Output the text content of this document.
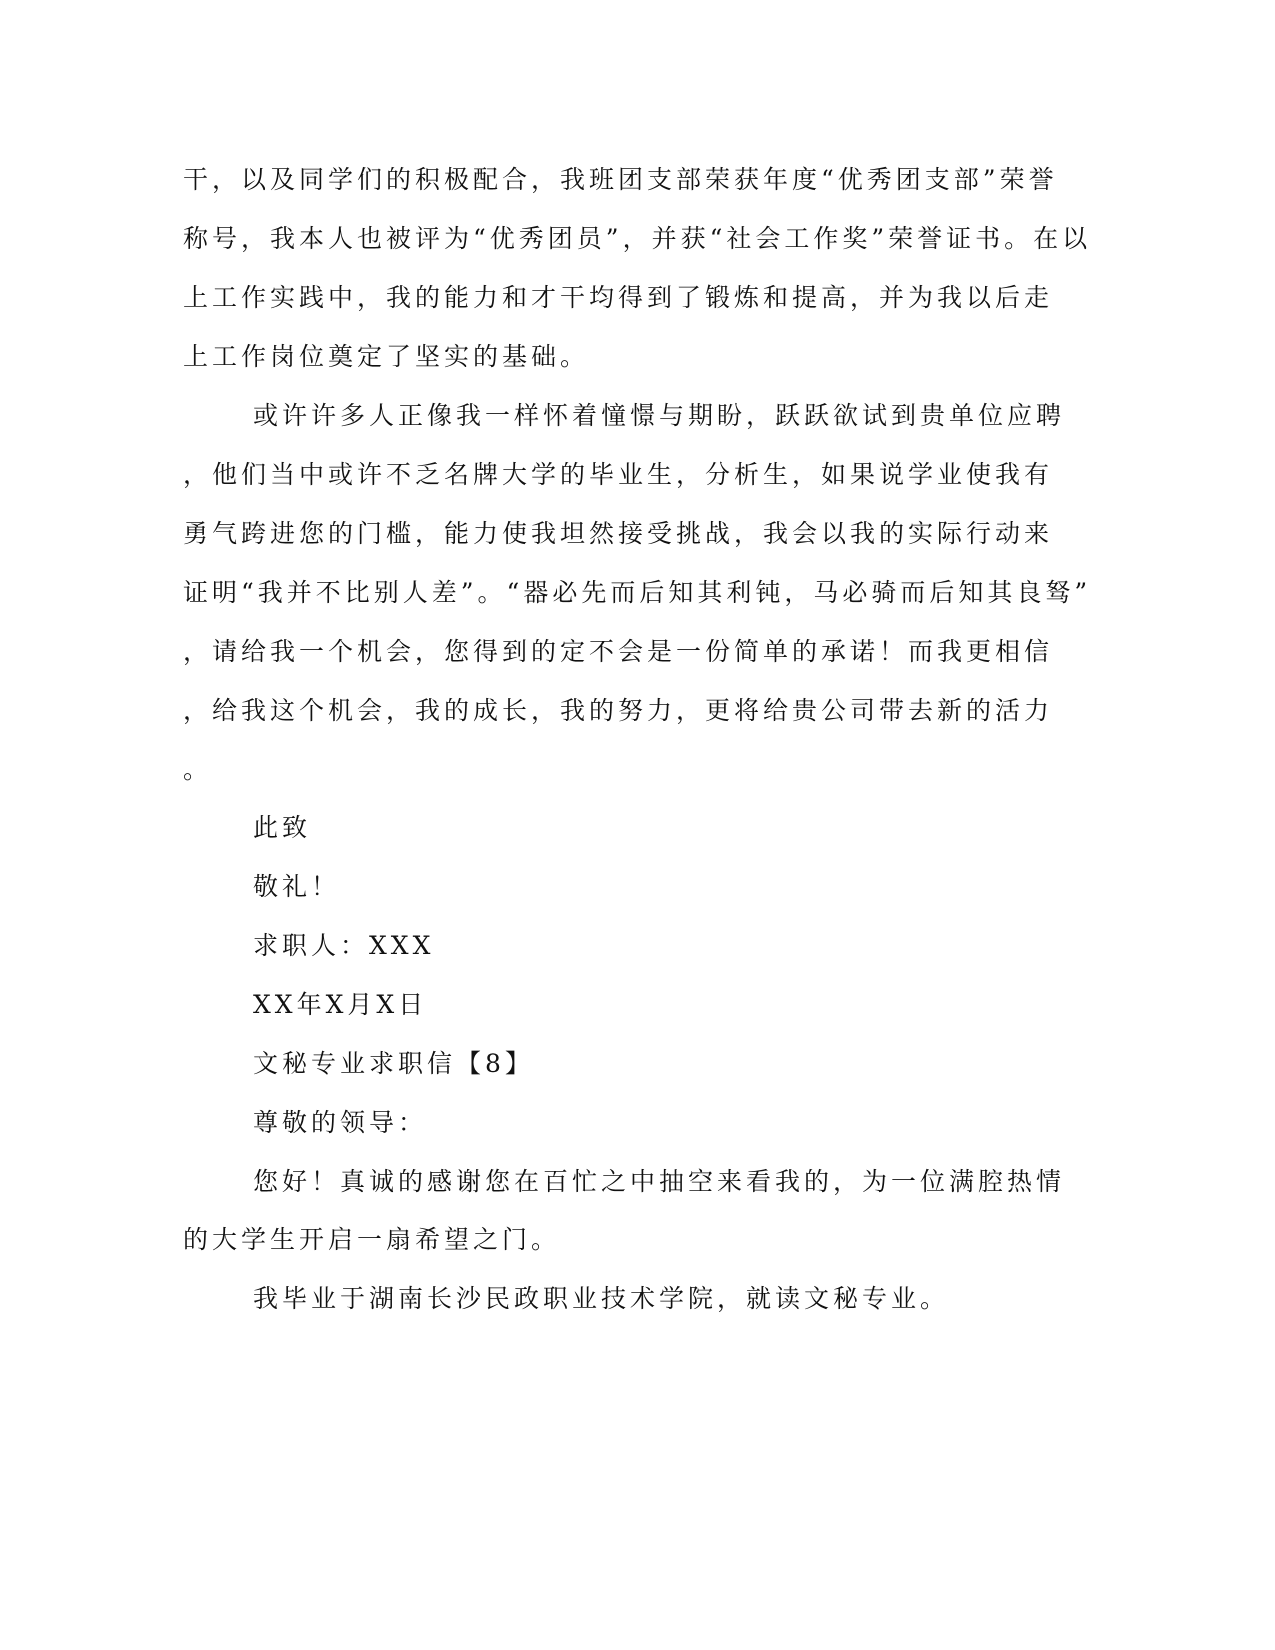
干，以及同学们的积极配合，我班团支部荣获年度“优秀团支部”荣誉
称号，我本人也被评为“优秀团员”，并获“社会工作奖”荣誉证书。在以
上工作实践中，我的能力和才干均得到了锻炼和提高，并为我以后走
上工作岗位奠定了坚实的基础。
或许许多人正像我一样怀着憧憬与期盼，跃跃欲试到贵单位应聘
，他们当中或许不乏名牌大学的毕业生，分析生，如果说学业使我有
勇气跨进您的门槛，能力使我坦然接受挑战，我会以我的实际行动来
证明“我并不比别人差”。“器必先而后知其利钝，马必骑而后知其良驽”
，请给我一个机会，您得到的定不会是一份简单的承诺！而我更相信
，给我这个机会，我的成长，我的努力，更将给贵公司带去新的活力
。
此致
敬礼！
求职人：XXX
XX年X月X日
文秘专业求职信【8】
尊敬的领导：
您好！真诚的感谢您在百忙之中抽空来看我的，为一位满腔热情
的大学生开启一扇希望之门。
我毕业于湖南长沙民政职业技术学院，就读文秘专业。
